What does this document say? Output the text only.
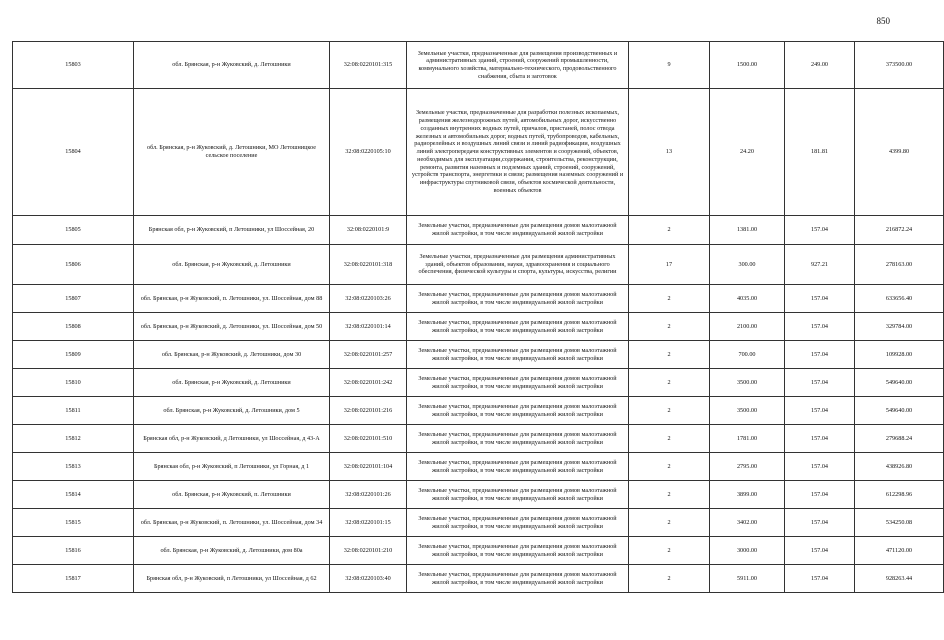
850
15803	обл. Брянская, р-н Жуковский, д. Летошники	32:08:0220101:315	Земельные участки, предназначенные для размещения производственных и административных зданий, строений, сооружений промышленности, коммунального хозяйства, материально-технического, продовольственного снабжения, сбыта и заготовок	9	1500.00	249.00	373500.00
15804	обл. Брянская, р-н Жуковский, д. Летошники, МО Летошницкое сельское поселение	32:08:0220105:10	Земельные участки, предназначенные для разработки полезных ископаемых, размещения железнодорожных путей, автомобильных дорог, искусственно созданных внутренних водных путей, причалов, пристаней, полос отвода железных и автомобильных дорог, водных путей, трубопроводов, кабельных, радиорелейных и воздушных линий связи и линий радиофикации, воздушных линий электропередачи конструктивных элементов и сооружений, объектов, необходимых для эксплуатации,содержания, строительства, реконструкции, ремонта, развития наземных и подземных зданий, строений, сооружений, устройств транспорта, энергетики и связи; размещения наземных сооружений и инфраструктуры спутниковой связи, объектов космической деятельности, военных объектов	13	24.20	181.81	4399.80
15805	Брянская обл, р-н Жуковский, п Летошники, ул Шоссейная, 20	32:08:0220101:9	Земельные участки, предназначенные для размещения домов малоэтажной жилой застройки, в том числе индивидуальной жилой застройки	2	1381.00	157.04	216872.24
15806	обл. Брянская, р-н Жуковский, д. Летошники	32:08:0220101:318	Земельные участки, предназначенные для размещения административных зданий, объектов образования, науки, здравоохранения и социального обеспечения, физической культуры и спорта, культуры, искусства, религии	17	300.00	927.21	278163.00
15807	обл. Брянская, р-н Жуковский, п. Летошники, ул. Шоссейная, дом 88	32:08:0220103:26	Земельные участки, предназначенные для размещения домов малоэтажной жилой застройки, в том числе индивидуальной жилой застройки	2	4035.00	157.04	633656.40
15808	обл. Брянская, р-н Жуковский, д. Летошники, ул. Шоссейная, дом 50	32:08:0220101:14	Земельные участки, предназначенные для размещения домов малоэтажной жилой застройки, в том числе индивидуальной жилой застройки	2	2100.00	157.04	329784.00
15809	обл. Брянская, р-н Жуковский, д. Летошники, дом 30	32:08:0220101:257	Земельные участки, предназначенные для размещения домов малоэтажной жилой застройки, в том числе индивидуальной жилой застройки	2	700.00	157.04	109928.00
15810	обл. Брянская, р-н Жуковский, д. Летошники	32:08:0220101:242	Земельные участки, предназначенные для размещения домов малоэтажной жилой застройки, в том числе индивидуальной жилой застройки	2	3500.00	157.04	549640.00
15811	обл. Брянская, р-н Жуковский, д. Летошники, дом 5	32:08:0220101:216	Земельные участки, предназначенные для размещения домов малоэтажной жилой застройки, в том числе индивидуальной жилой застройки	2	3500.00	157.04	549640.00
15812	Брянская обл, р-н Жуковский, д Летошники, ул Шоссейная, д 43-А	32:08:0220101:510	Земельные участки, предназначенные для размещения домов малоэтажной жилой застройки, в том числе индивидуальной жилой застройки	2	1781.00	157.04	279688.24
15813	Брянская обл, р-н Жуковский, п Летошники, ул Горная, д 1	32:08:0220101:104	Земельные участки, предназначенные для размещения домов малоэтажной жилой застройки, в том числе индивидуальной жилой застройки	2	2795.00	157.04	438926.80
15814	обл. Брянская, р-н Жуковский, п. Летошники	32:08:0220101:26	Земельные участки, предназначенные для размещения домов малоэтажной жилой застройки, в том числе индивидуальной жилой застройки	2	3899.00	157.04	612298.96
15815	обл. Брянская, р-н Жуковский, п. Летошники, ул. Шоссейная, дом 34	32:08:0220101:15	Земельные участки, предназначенные для размещения домов малоэтажной жилой застройки, в том числе индивидуальной жилой застройки	2	3402.00	157.04	534250.08
15816	обл. Брянская, р-н Жуковский, д. Летошники, дом 80а	32:08:0220101:210	Земельные участки, предназначенные для размещения домов малоэтажной жилой застройки, в том числе индивидуальной жилой застройки	2	3000.00	157.04	471120.00
15817	Брянская обл, р-н Жуковский, п Летошники, ул Шоссейная, д 62	32:08:0220103:40	Земельные участки, предназначенные для размещения домов малоэтажной жилой застройки, в том числе индивидуальной жилой застройки	2	5911.00	157.04	928263.44
